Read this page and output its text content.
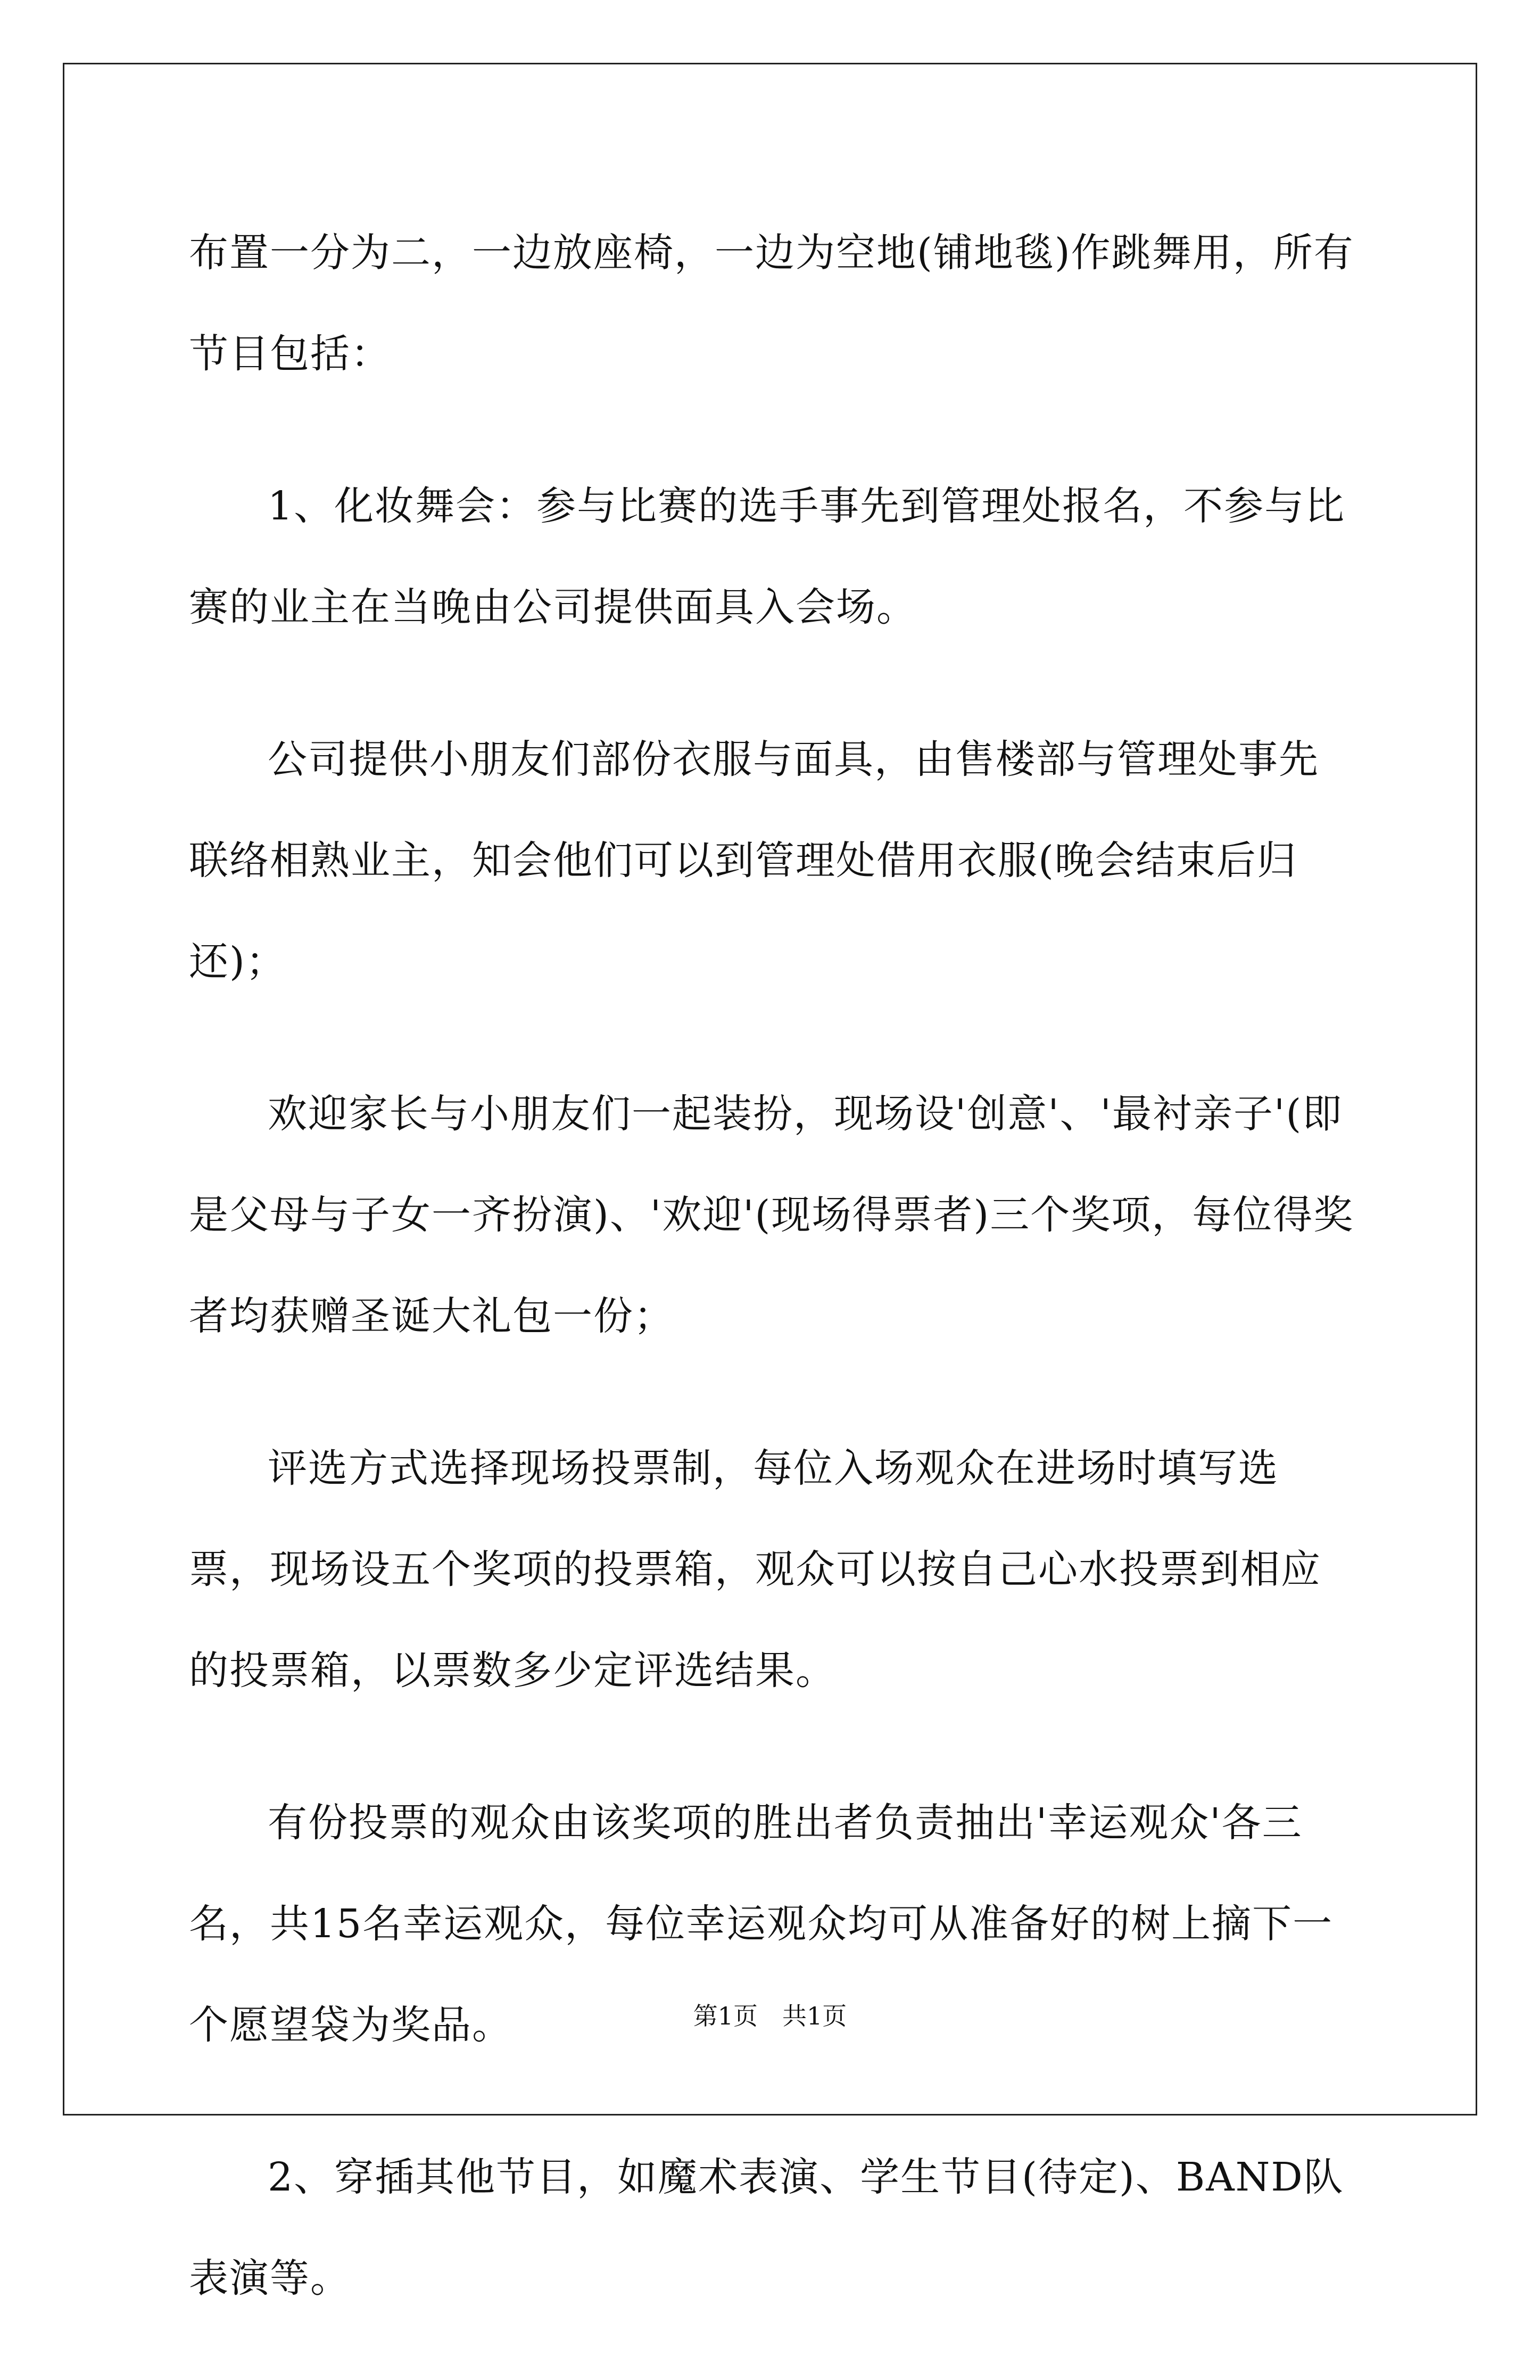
布置一分为二，一边放座椅，一边为空地(铺地毯)作跳舞用，所有节目包括：

1、化妆舞会：参与比赛的选手事先到管理处报名，不参与比赛的业主在当晚由公司提供面具入会场。

公司提供小朋友们部份衣服与面具，由售楼部与管理处事先联络相熟业主，知会他们可以到管理处借用衣服(晚会结束后归还)；

欢迎家长与小朋友们一起装扮，现场设'创意'、'最衬亲子'(即是父母与子女一齐扮演)、'欢迎'(现场得票者)三个奖项，每位得奖者均获赠圣诞大礼包一份；

评选方式选择现场投票制，每位入场观众在进场时填写选票，现场设五个奖项的投票箱，观众可以按自己心水投票到相应的投票箱，以票数多少定评选结果。

有份投票的观众由该奖项的胜出者负责抽出'幸运观众'各三名，共15名幸运观众，每位幸运观众均可从准备好的树上摘下一个愿望袋为奖品。

2、穿插其他节目，如魔术表演、学生节目(待定)、BAND队表演等。

第1页　共1页
